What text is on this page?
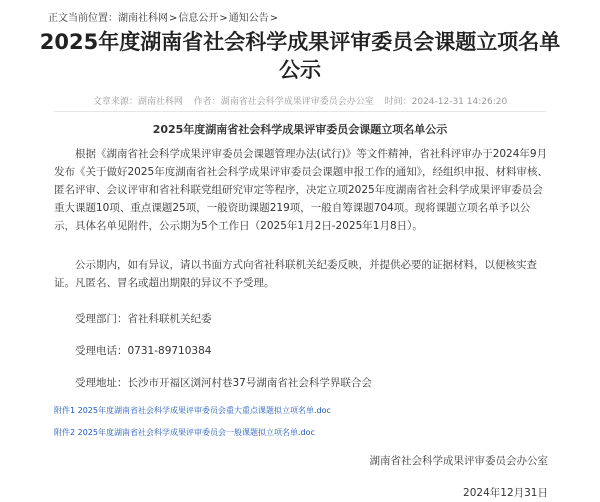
正文当前位置：湖南社科网>信息公开>通知公告>
2025年度湖南省社会科学成果评审委员会课题立项名单
公示
文章来源：湖南社科网 作者：湖南省社会科学成果评审委员会办公室 时间：2024-12-31 14:26:20
2025年度湖南省社会科学成果评审委员会课题立项名单公示

根据《湖南省社会科学成果评审委员会课题管理办法(试行)》等文件精神，省社科评审办于2024年9月发布《关于做好2025年度湖南省社会科学成果评审委员会课题申报工作的通知》，经组织申报、材料审核、匿名评审、会议评审和省社科联党组研究审定等程序，决定立项2025年度湖南省社会科学成果评审委员会重大课题10项、重点课题25项，一般资助课题219项，一般自筹课题704项。现将课题立项名单予以公示，具体名单见附件，公示期为5个工作日（2025年1月2日-2025年1月8日）。

公示期内，如有异议，请以书面方式向省社科联机关纪委反映，并提供必要的证据材料，以便核实查证。凡匿名、冒名或超出期限的异议不予受理。

受理部门：省社科联机关纪委
受理电话：0731-89710384
受理地址：长沙市开福区浏河村巷37号湖南省社会科学界联合会
附件1 2025年度湖南省社会科学成果评审委员会重大重点课题拟立项名单.doc
附件2 2025年度湖南省社会科学成果评审委员会一般课题拟立项名单.doc
湖南省社会科学成果评审委员会办公室
2024年12月31日
